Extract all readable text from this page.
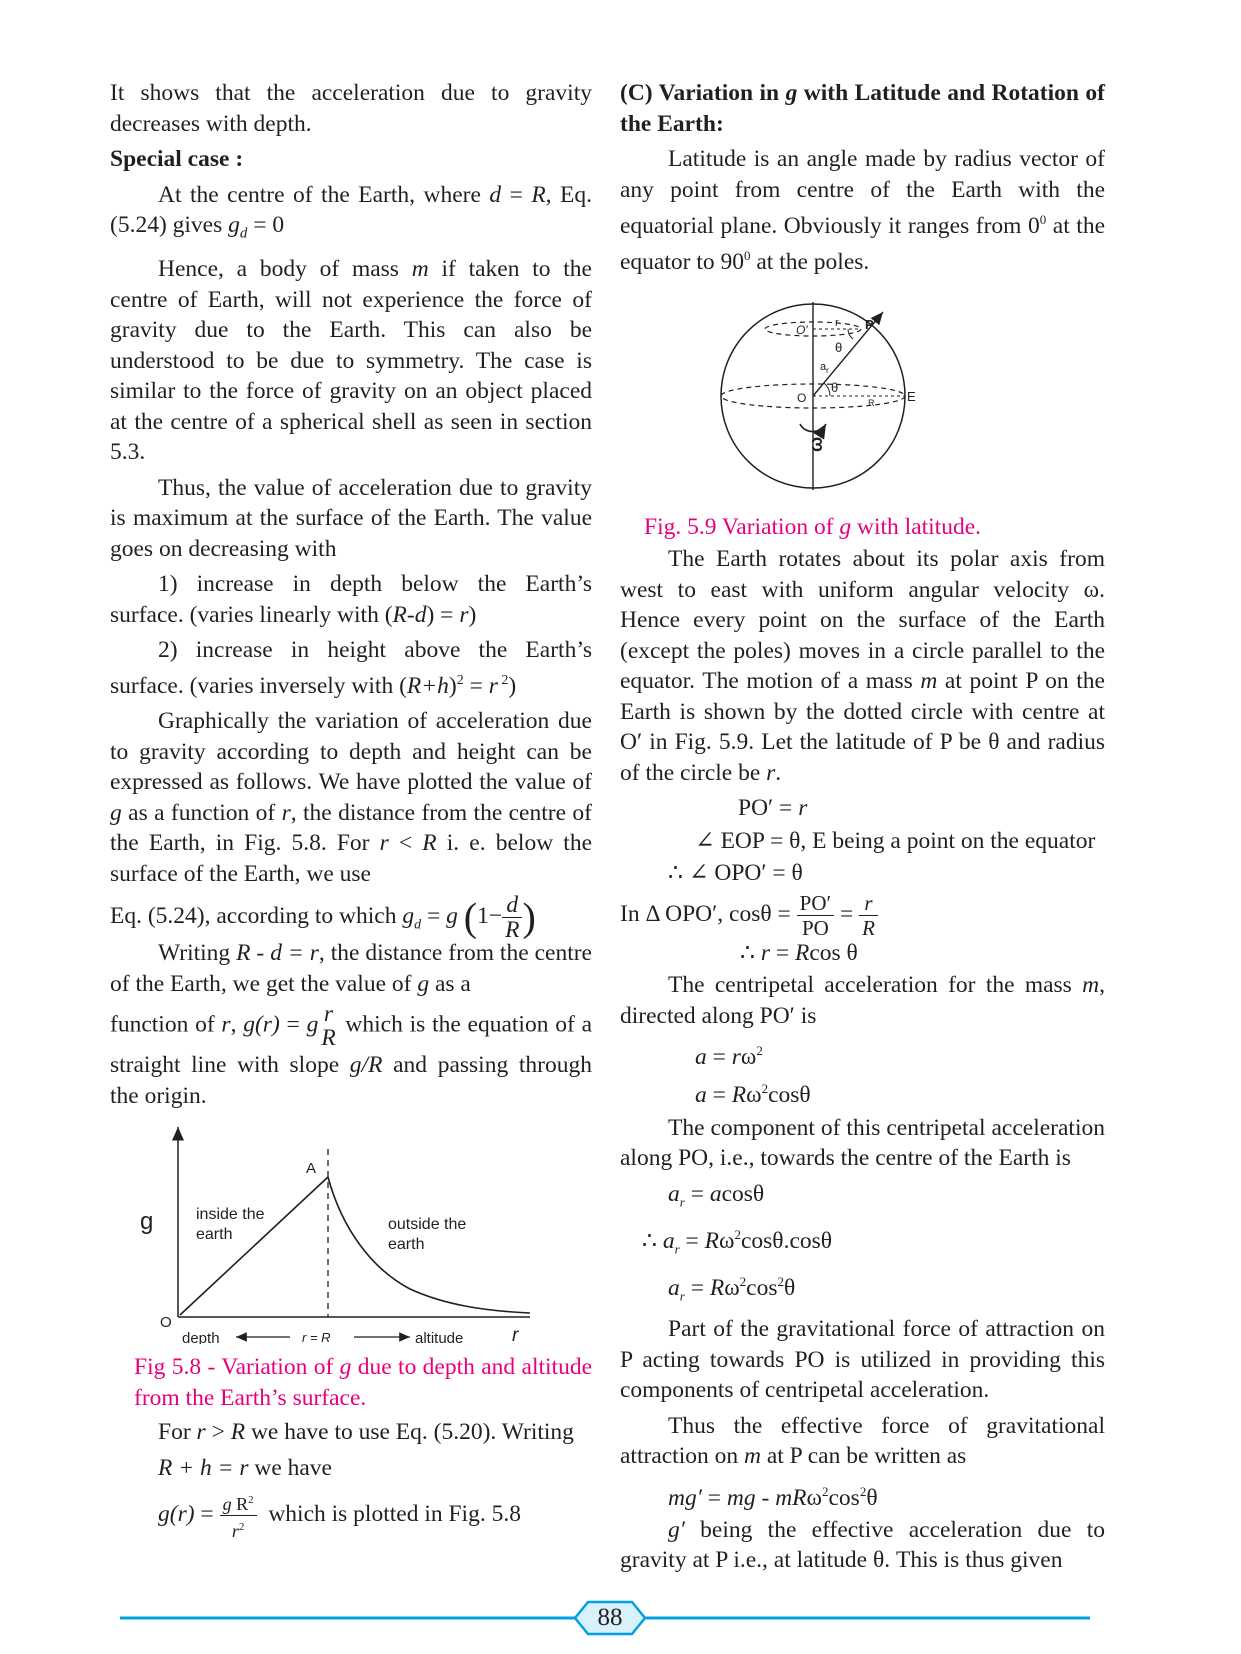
It shows that the acceleration due to gravity decreases with depth.

Special case :

At the centre of the Earth, where d = R, Eq. (5.24) gives $g_d = 0$

Hence, a body of mass m if taken to the centre of Earth, will not experience the force of gravity due to the Earth. This can also be understood to be due to symmetry. The case is similar to the force of gravity on an object placed at the centre of a spherical shell as seen in section 5.3.

Thus, the value of acceleration due to gravity is maximum at the surface of the Earth. The value goes on decreasing with

1) increase in depth below the Earth’s surface. (varies linearly with (R-d) = r)

2) increase in height above the Earth’s surface. (varies inversely with $(R+h)^2 = r$ $^2$)

Graphically the variation of acceleration due to gravity according to depth and height can be expressed as follows. We have plotted the value of g as a function of r, the distance from the centre of the Earth, in Fig. 5.8. For r < R i. e. below the surface of the Earth, we use

Eq. (5.24), according to which $g_d = g$ ($1- \frac{d}{R}$ )

Writing R - d = r, the distance from the centre of the Earth, we get the value of g as a

function of r, g(r) = g r
R
which is the equation of a straight line with slope g/R and passing through the origin.

g
O
A
inside the
earth
outside the
earth
depth	r = R	altitude	r

Fig 5.8 - Variation of g due to depth and altitude from the Earth’s surface.

For r > R we have to use Eq. (5.20). Writing

R + h = r we have

$g(r) = \frac{g R^2}{r^2}$ which is plotted in Fig. 5.8

(C) Variation in g with Latitude and Rotation of the Earth:

Latitude is an angle made by radius vector of any point from centre of the Earth with the equatorial plane. Obviously it ranges from $0^0$ at the equator to $90^0$ at the poles.

O′ r P
θ
$a_r$
O
θ
R	E
ω

Fig. 5.9 Variation of g with latitude.

The Earth rotates about its polar axis from west to east with uniform angular velocity ω. Hence every point on the surface of the Earth (except the poles) moves in a circle parallel to the equator. The motion of a mass m at point P on the Earth is shown by the dotted circle with centre at O′ in Fig. 5.9. Let the latitude of P be θ and radius of the circle be r.

PO′ = r

∠ EOP = θ, E being a point on the equator

∴ ∠ OPO′ = θ

In Δ OPO′, $\cos\theta = \frac{PO'}{PO} = \frac{r}{R}$

∴ r = Rcos θ

The centripetal acceleration for the mass m, directed along PO′ is

$a = r\omega^2$

$a = R\omega^2\cos\theta$

The component of this centripetal acceleration along PO, i.e., towards the centre of the Earth is

$a_r = acos\theta$

∴ $a_r = R\omega^2\cos\theta.\cos\theta$

$a_r = R\omega^2\cos^2\theta$

Part of the gravitational force of attraction on P acting towards PO is utilized in providing this components of centripetal acceleration.

Thus the effective force of gravitational attraction on m at P can be written as

mg′ = mg - $mR\omega^2\cos^2\theta$

g′ being the effective acceleration due to gravity at P i.e., at latitude θ. This is thus given

88
